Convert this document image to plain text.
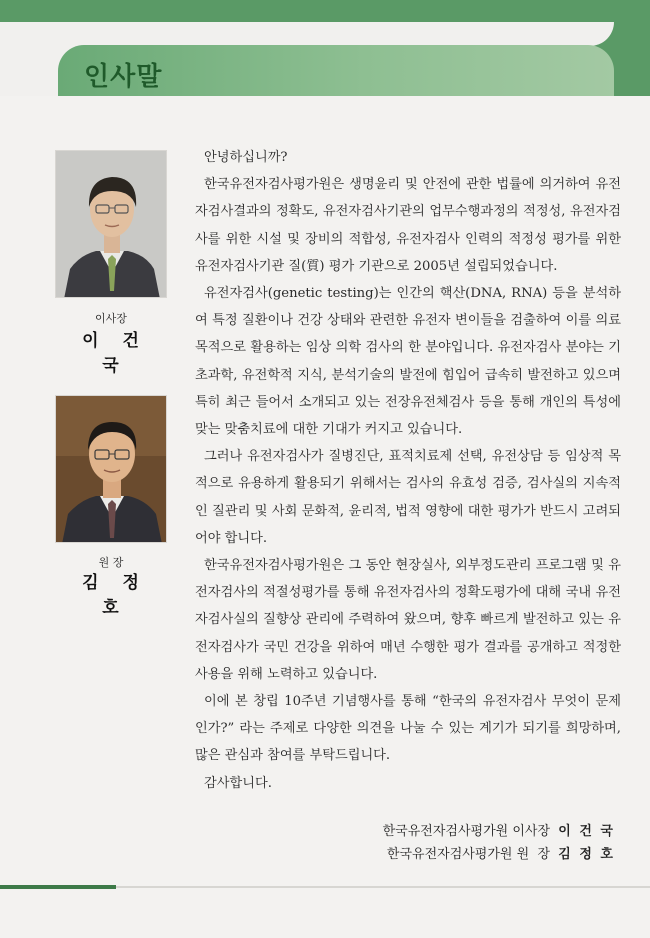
인사말
이사장
이 건 국
원 장
김 정 호

안녕하십니까?

한국유전자검사평가원은 생명윤리 및 안전에 관한 법률에 의거하여 유전자검사결과의 정확도, 유전자검사기관의 업무수행과정의 적정성, 유전자검사를 위한 시설 및 장비의 적합성, 유전자검사 인력의 적정성 평가를 위한 유전자검사기관 질(質) 평가 기관으로 2005년 설립되었습니다.

유전자검사(genetic testing)는 인간의 핵산(DNA, RNA) 등을 분석하여 특정 질환이나 건강 상태와 관련한 유전자 변이들을 검출하여 이를 의료 목적으로 활용하는 임상 의학 검사의 한 분야입니다. 유전자검사 분야는 기초과학, 유전학적 지식, 분석기술의 발전에 힘입어 급속히 발전하고 있으며 특히 최근 들어서 소개되고 있는 전장유전체검사 등을 통해 개인의 특성에 맞는 맞춤치료에 대한 기대가 커지고 있습니다.

그러나 유전자검사가 질병진단, 표적치료제 선택, 유전상담 등 임상적 목적으로 유용하게 활용되기 위해서는 검사의 유효성 검증, 검사실의 지속적인 질관리 및 사회 문화적, 윤리적, 법적 영향에 대한 평가가 반드시 고려되어야 합니다.

한국유전자검사평가원은 그 동안 현장실사, 외부정도관리 프로그램 및 유전자검사의 적절성평가를 통해 유전자검사의 정확도평가에 대해 국내 유전자검사실의 질향상 관리에 주력하여 왔으며, 향후 빠르게 발전하고 있는 유전자검사가 국민 건강을 위하여 매년 수행한 평가 결과를 공개하고 적정한 사용을 위해 노력하고 있습니다.

이에 본 창립 10주년 기념행사를 통해 “한국의 유전자검사 무엇이 문제인가?” 라는 주제로 다양한 의견을 나눌 수 있는 계기가 되기를 희망하며, 많은 관심과 참여를 부탁드립니다.

감사합니다.

한국유전자검사평가원 이사장 이 건 국
한국유전자검사평가원 원  장 김 정 호
